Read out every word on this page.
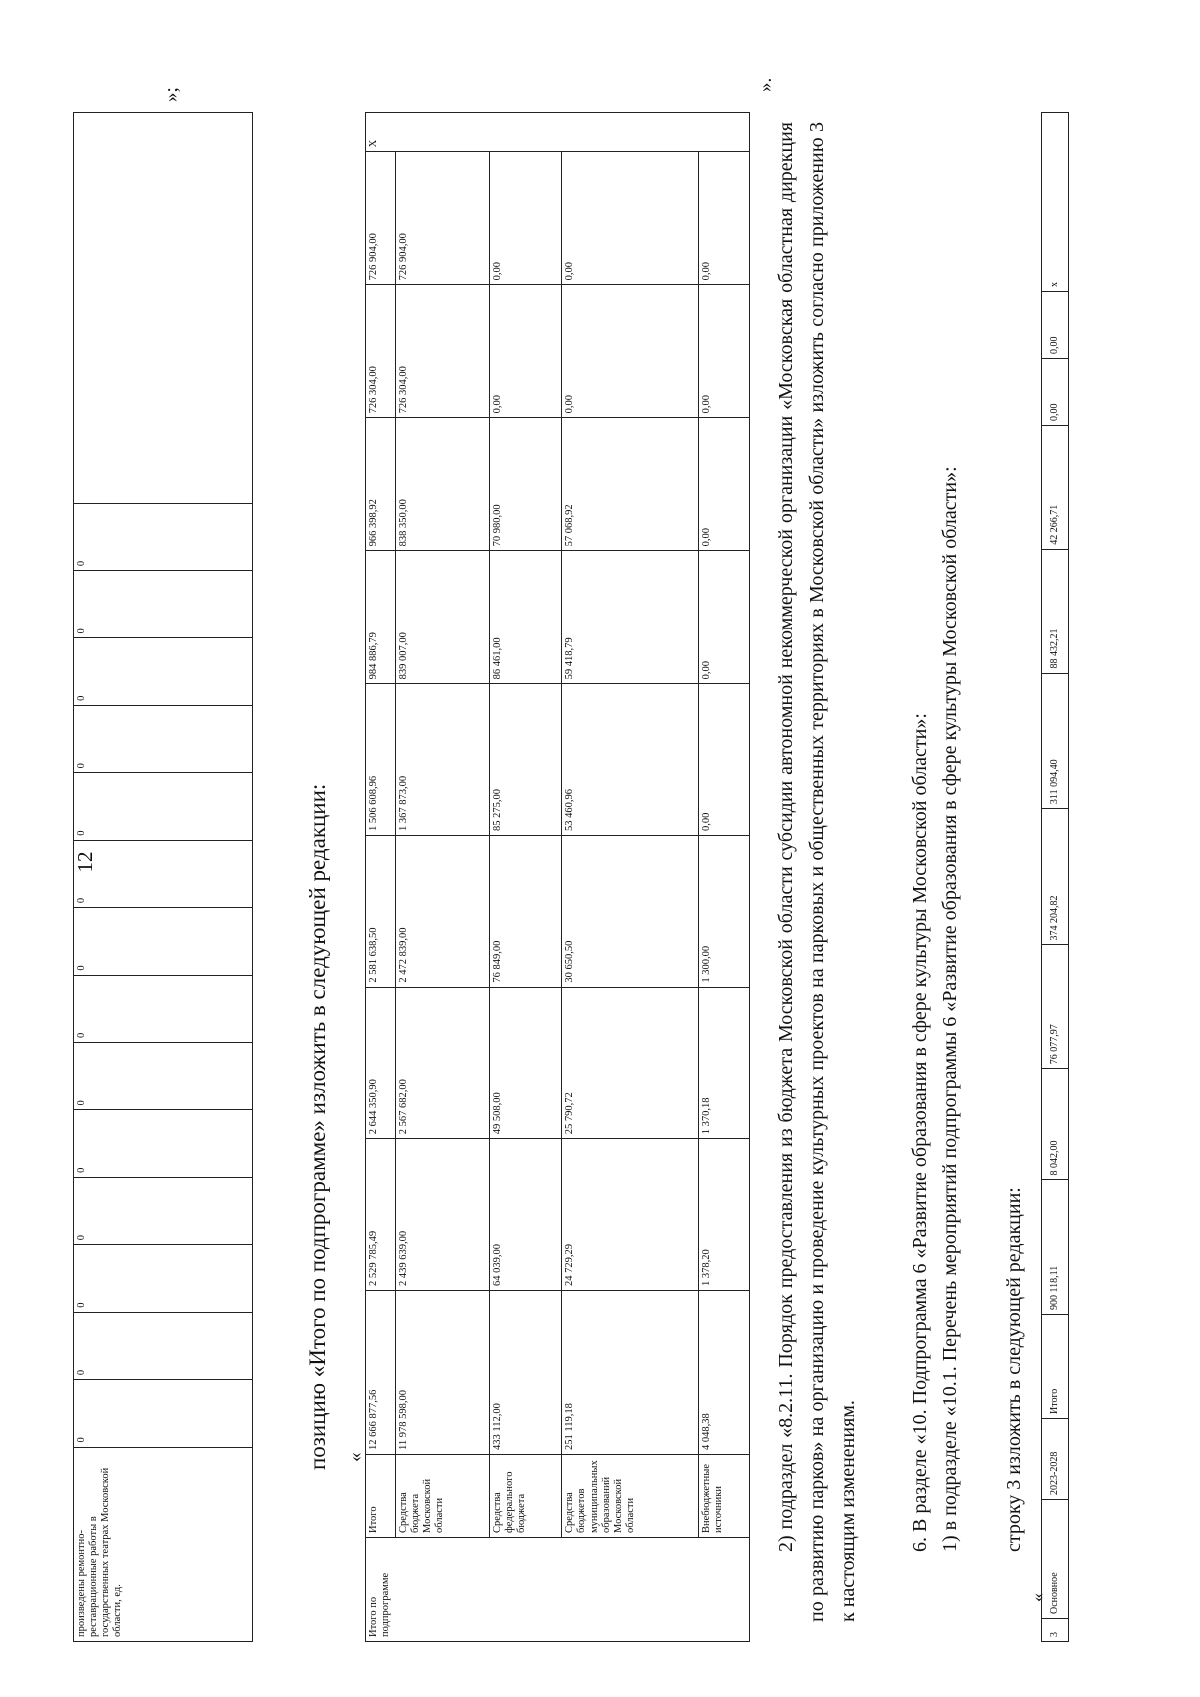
12
произведены ремонтно-реставрационные работы в государственных театрах Московской области, ед.	0	0	0	0	0	0	0	0	0	0	0	0	0	0	
»;
позицию «Итого по подпрограмме» изложить в следующей редакции: «
Итого по подпрограмме	Итого	12 666 877,56	2 529 785,49	2 644 350,90	2 581 638,50	1 506 608,96	984 886,79	966 398,92	726 304,00	726 904,00	Х
	Средства бюджета Московской области	11 978 598,00	2 439 639,00	2 567 682,00	2 472 839,00	1 367 873,00	839 007,00	838 350,00	726 304,00	726 904,00	
	Средства федерального бюджета	433 112,00	64 039,00	49 508,00	76 849,00	85 275,00	86 461,00	70 980,00	0,00	0,00	
	Средства бюджетов муниципальных образований Московской области	251 119,18	24 729,29	25 790,72	30 650,50	53 460,96	59 418,79	57 068,92	0,00	0,00	
	Внебюджетные источники	4 048,38	1 378,20	1 370,18	1 300,00	0,00	0,00	0,00	0,00	0,00	
».
2) подраздел «8.2.11. Порядок предоставления из бюджета Московской области субсидии автономной некоммерческой организации «Московская областная дирекция по развитию парков» на организацию и проведение культурных проектов на парковых и общественных территориях в Московской области» изложить согласно приложению 3 к настоящим изменениям.	6. В разделе «10. Подпрограмма 6 «Развитие образования в сфере культуры Московской области»: 1) в подразделе «10.1. Перечень мероприятий подпрограммы 6 «Развитие образования в сфере культуры Московской области»: строку 3 изложить в следующей редакции:
«
3	Основное	2023-2028	Итого	900 118,11	8 042,00	76 077,97	374 204,82	311 094,40	88 432,21	42 266,71	0,00	0,00	х
